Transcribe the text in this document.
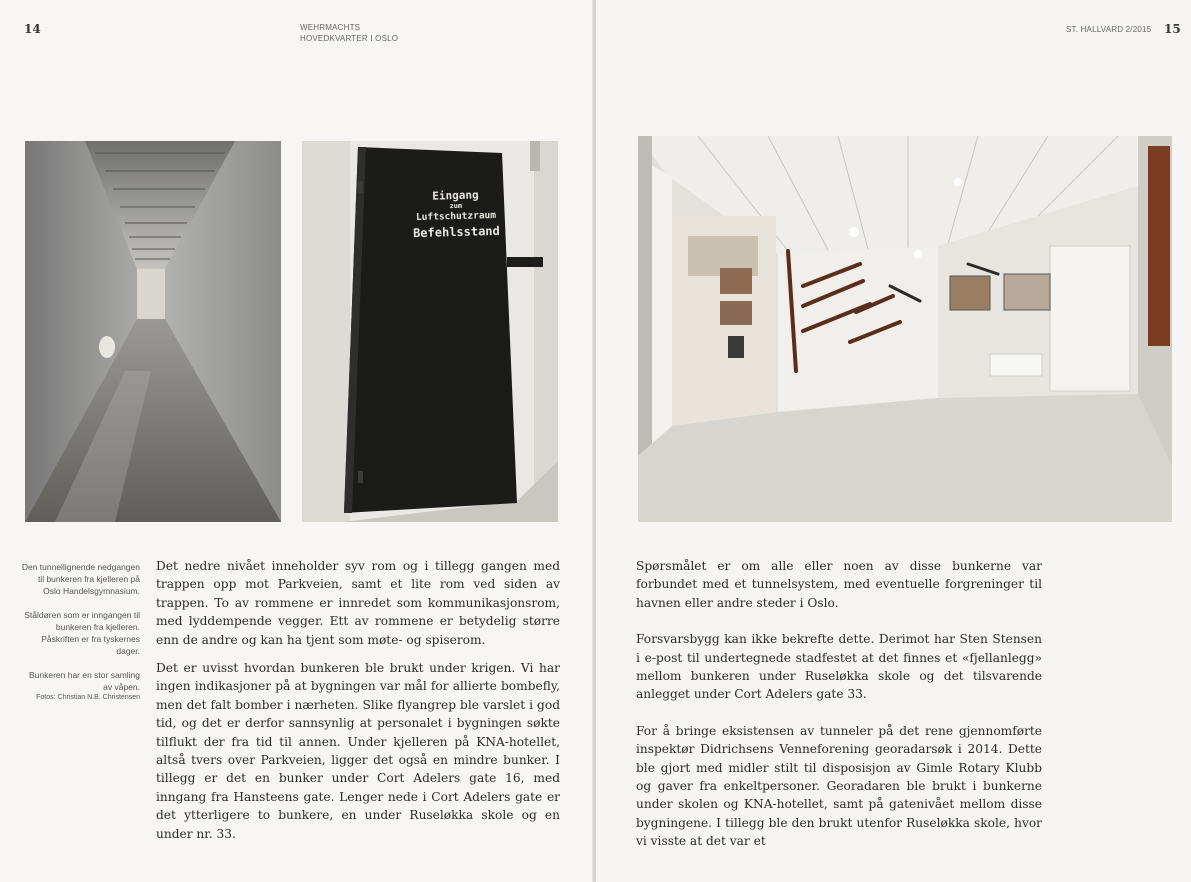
14	WEHRMACHTS
HOVEDKVARTER I OSLO
Eingang
zum
Luftschutzraum
Befehlsstand

Den tunnellignende nedgangen til bunkeren fra kjelleren på Oslo Handelsgymnasium.

Ståldøren som er inngangen til bunkeren fra kjelleren. Påskriften er fra tyskernes dager.

Bunkeren har en stor samling av våpen.

Fotos: Christian N.B. Christensen

Det nedre nivået inneholder syv rom og i tillegg gangen med trappen opp mot Parkveien, samt et lite rom ved siden av trappen. To av rommene er innredet som kommunikasjonsrom, med lyddempende vegger. Ett av rommene er betydelig større enn de andre og kan ha tjent som møte- og spiserom.

Det er uvisst hvordan bunkeren ble brukt under krigen. Vi har ingen indikasjoner på at bygningen var mål for allierte bombefly, men det falt bomber i nærheten. Slike flyangrep ble varslet i god tid, og det er derfor sannsynlig at personalet i bygningen søkte tilflukt der fra tid til annen. Under kjelleren på KNA-hotellet, altså tvers over Parkveien, ligger det også en mindre bunker. I tillegg er det en bunker under Cort Adelers gate 16, med inngang fra Hansteens gate. Lenger nede i Cort Adelers gate er det ytterligere to bunkere, en under Ruseløkka skole og en under nr. 33.

ST. HALLVARD 2/2015 15

Spørsmålet er om alle eller noen av disse bunkerne var forbundet med et tunnelsystem, med eventuelle forgreninger til havnen eller andre steder i Oslo.

Forsvarsbygg kan ikke bekrefte dette. Derimot har Sten Stensen i e-post til undertegnede stadfestet at det finnes et «fjellanlegg» mellom bunkeren under Ruseløkka skole og det tilsvarende anlegget under Cort Adelers gate 33.

For å bringe eksistensen av tunneler på det rene gjennomførte inspektør Didrichsens Venneforening georadarsøk i 2014. Dette ble gjort med midler stilt til disposisjon av Gimle Rotary Klubb og gaver fra enkeltpersoner. Georadaren ble brukt i bunkerne under skolen og KNA-hotellet, samt på gatenivået mellom disse bygningene. I tillegg ble den brukt utenfor Ruseløkka skole, hvor vi visste at det var et
